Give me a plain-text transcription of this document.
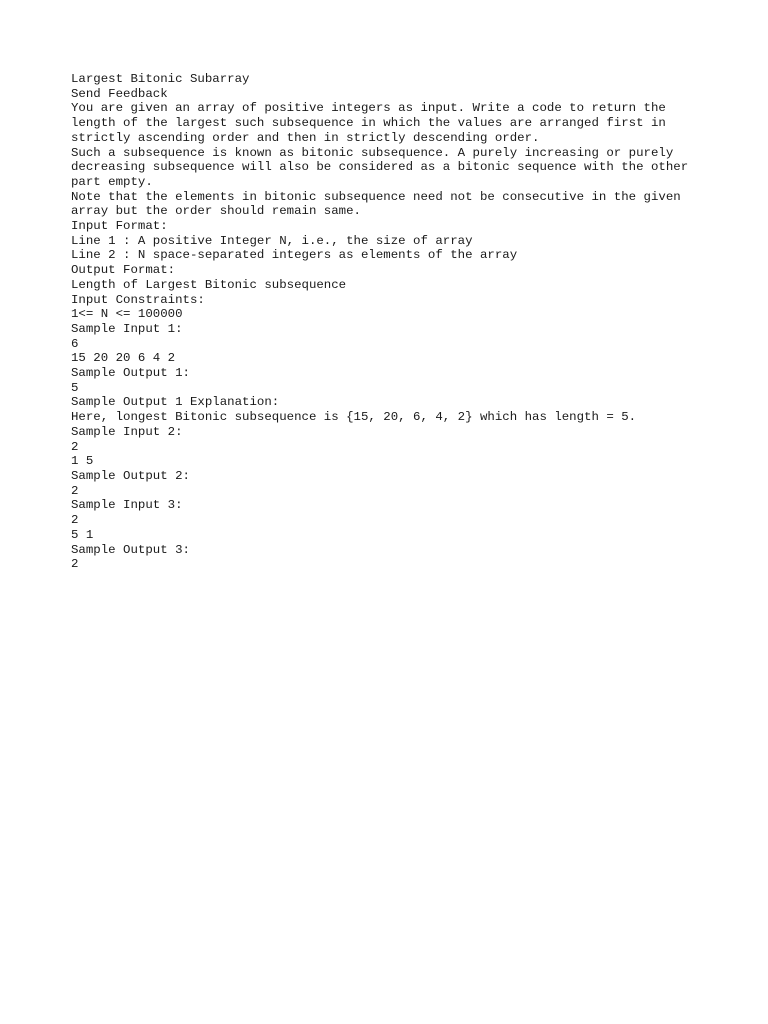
Largest Bitonic Subarray

Send Feedback

You are given an array of positive integers as input. Write a code to return the length of the largest such subsequence in which the values are arranged first in strictly ascending order and then in strictly descending order.

Such a subsequence is known as bitonic subsequence. A purely increasing or purely decreasing subsequence will also be considered as a bitonic sequence with the other part empty.

Note that the elements in bitonic subsequence need not be consecutive in the given array but the order should remain same.

Input Format:

Line 1 : A positive Integer N, i.e., the size of array

Line 2 : N space-separated integers as elements of the array

Output Format:

Length of Largest Bitonic subsequence

Input Constraints:

1<= N <= 100000

Sample Input 1:

6

15 20 20 6 4 2

Sample Output 1:

5

Sample Output 1 Explanation:

Here, longest Bitonic subsequence is {15, 20, 6, 4, 2} which has length = 5.

Sample Input 2:

2

1 5

Sample Output 2:

2

Sample Input 3:

2

5 1

Sample Output 3:

2
